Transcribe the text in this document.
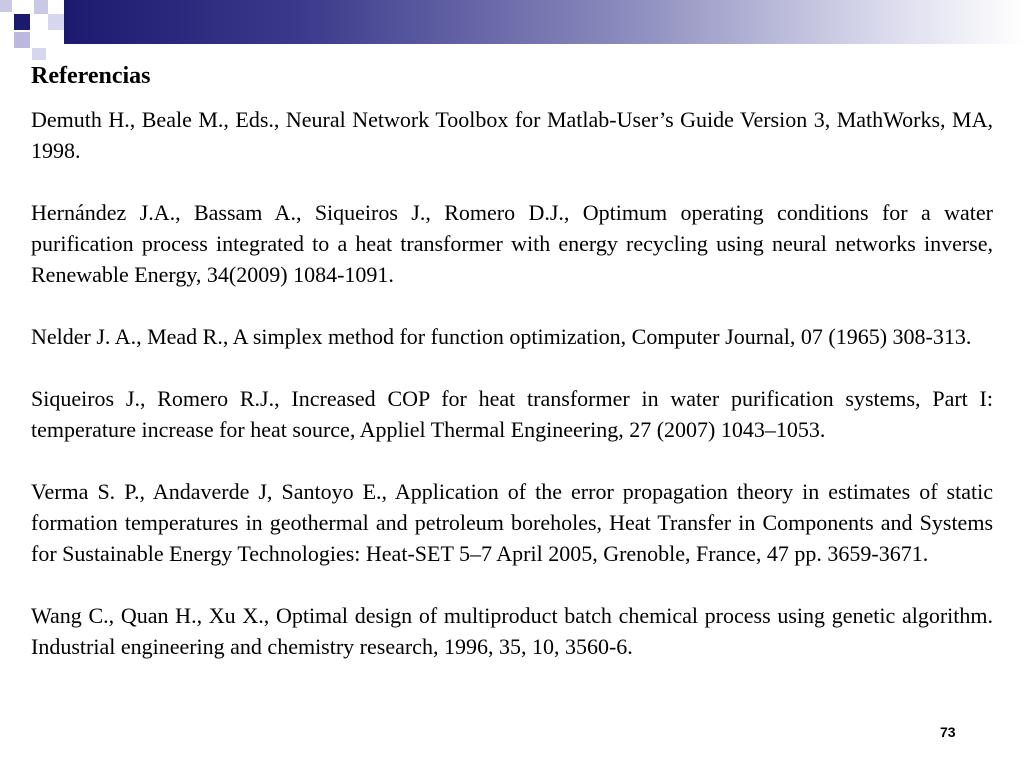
Referencias

Demuth H., Beale M., Eds., Neural Network Toolbox for Matlab-User’s Guide Version 3, MathWorks, MA, 1998.

Hernández J.A., Bassam A., Siqueiros J., Romero D.J., Optimum operating conditions for a water purification process integrated to a heat transformer with energy recycling using neural networks inverse, Renewable Energy, 34(2009) 1084-1091.

Nelder J. A., Mead R., A simplex method for function optimization, Computer Journal, 07 (1965) 308-313.

Siqueiros J., Romero R.J., Increased COP for heat transformer in water purification systems, Part I: temperature increase for heat source, Appliel Thermal Engineering, 27 (2007) 1043–1053.

Verma S. P., Andaverde J, Santoyo E., Application of the error propagation theory in estimates of static formation temperatures in geothermal and petroleum boreholes, Heat Transfer in Components and Systems for Sustainable Energy Technologies: Heat-SET 5–7 April 2005, Grenoble, France, 47 pp. 3659-3671.

Wang C., Quan H., Xu X., Optimal design of multiproduct batch chemical process using genetic algorithm. Industrial engineering and chemistry research, 1996, 35, 10, 3560-6.

73
